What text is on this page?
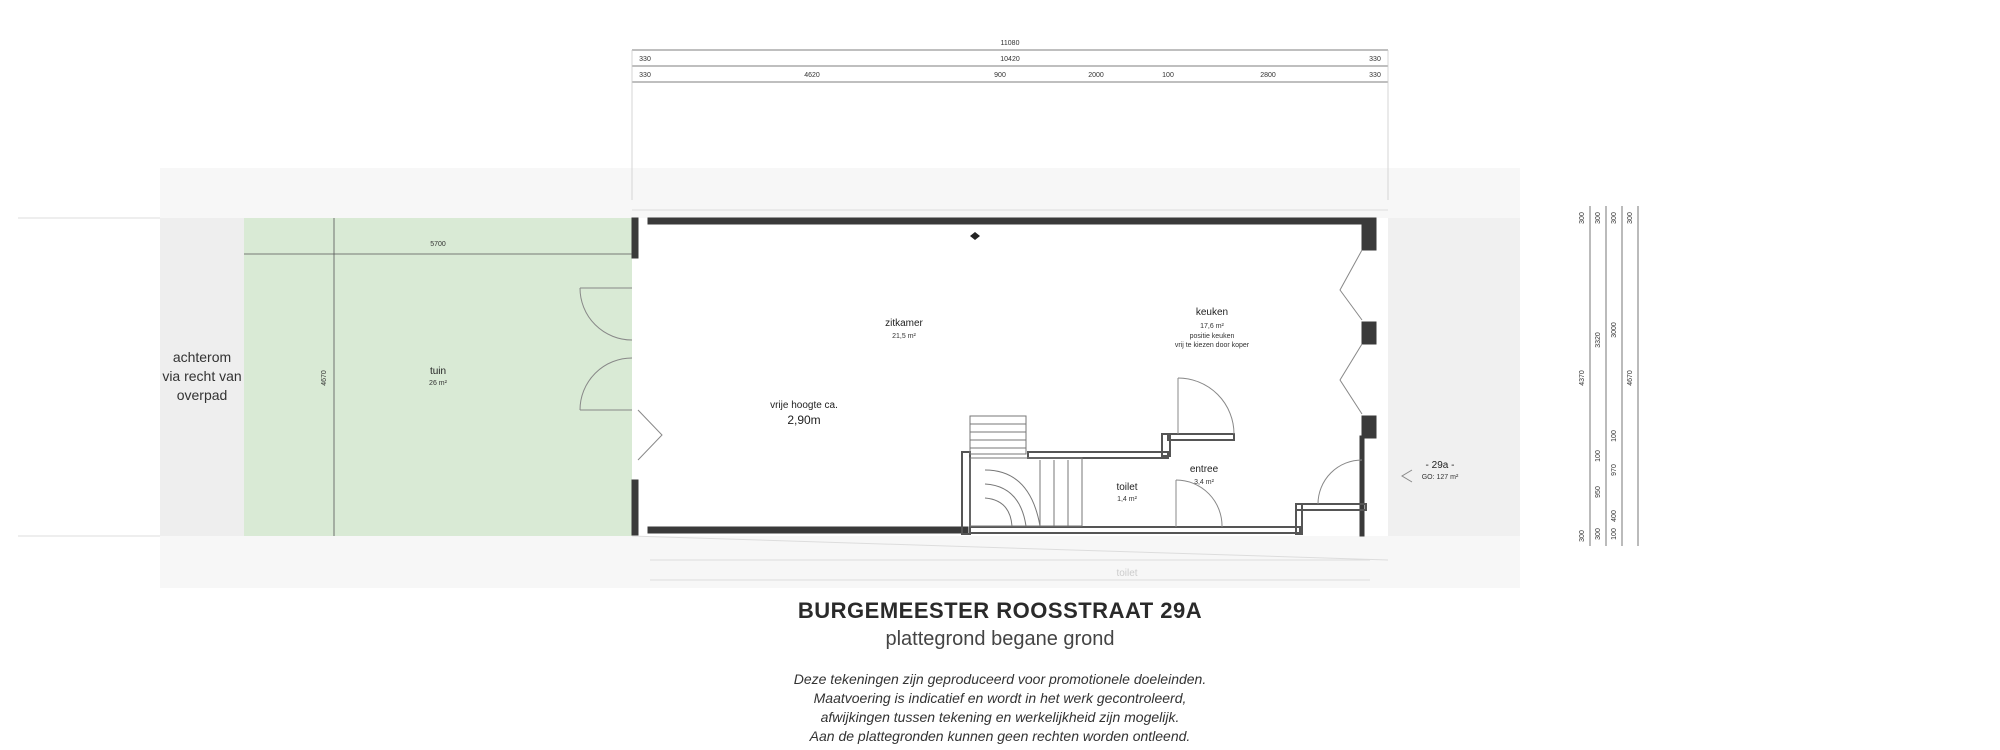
5700
4670
11080
330	10420	330
330	4620	900	2000	100	2800	330
300
4370
300
300
3320
100
950
300
300
3000
100
970
400
100
300
4670
achterom
via recht van
overpad
tuin
26 m²
zitkamer
21,5 m²
keuken
17,6 m²
positie keuken
vrij te kiezen door koper
entree
3,4 m²
toilet
1,4 m²
toilet
- 29a -
GO: 127 m²
vrije hoogte ca.
2,90m
BURGEMEESTER ROOSSTRAAT 29A
plattegrond begane grond
Deze tekeningen zijn geproduceerd voor promotionele doeleinden.
Maatvoering is indicatief en wordt in het werk gecontroleerd,
afwijkingen tussen tekening en werkelijkheid zijn mogelijk.
Aan de plattegronden kunnen geen rechten worden ontleend.
